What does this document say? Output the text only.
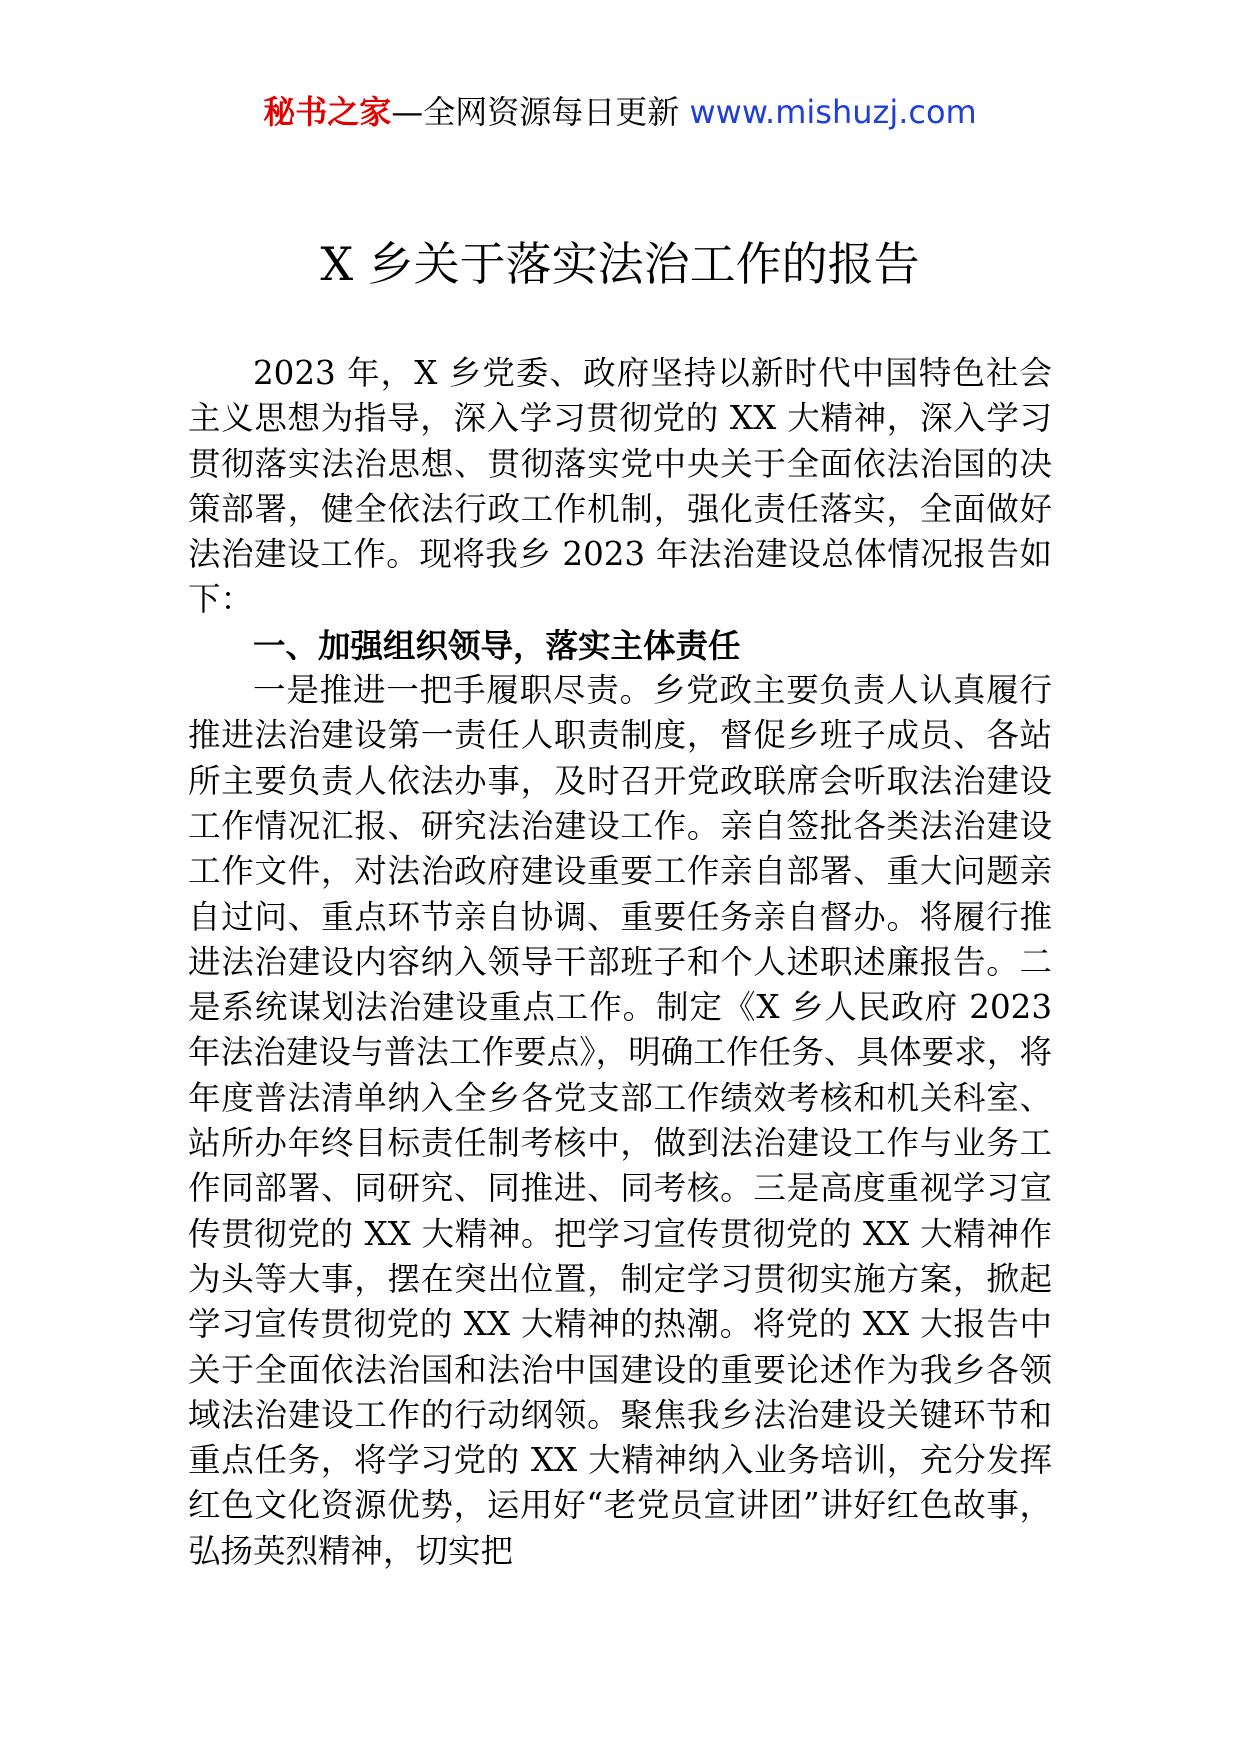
秘书之家—全网资源每日更新 www.mishuzj.com
X 乡关于落实法治工作的报告

2023 年，X 乡党委、政府坚持以新时代中国特色社会主义思想为指导，深入学习贯彻党的 XX 大精神，深入学习贯彻落实法治思想、贯彻落实党中央关于全面依法治国的决策部署，健全依法行政工作机制，强化责任落实，全面做好法治建设工作。现将我乡 2023 年法治建设总体情况报告如下：

一、加强组织领导，落实主体责任

一是推进一把手履职尽责。乡党政主要负责人认真履行推进法治建设第一责任人职责制度，督促乡班子成员、各站所主要负责人依法办事，及时召开党政联席会听取法治建设工作情况汇报、研究法治建设工作。亲自签批各类法治建设工作文件，对法治政府建设重要工作亲自部署、重大问题亲自过问、重点环节亲自协调、重要任务亲自督办。将履行推进法治建设内容纳入领导干部班子和个人述职述廉报告。二是系统谋划法治建设重点工作。制定《X 乡人民政府 2023 年法治建设与普法工作要点》，明确工作任务、具体要求，将年度普法清单纳入全乡各党支部工作绩效考核和机关科室、站所办年终目标责任制考核中，做到法治建设工作与业务工作同部署、同研究、同推进、同考核。三是高度重视学习宣传贯彻党的 XX 大精神。把学习宣传贯彻党的 XX 大精神作为头等大事，摆在突出位置，制定学习贯彻实施方案，掀起学习宣传贯彻党的 XX 大精神的热潮。将党的 XX 大报告中关于全面依法治国和法治中国建设的重要论述作为我乡各领域法治建设工作的行动纲领。聚焦我乡法治建设关键环节和重点任务，将学习党的 XX 大精神纳入业务培训，充分发挥红色文化资源优势，运用好“老党员宣讲团”讲好红色故事，弘扬英烈精神，切实把
